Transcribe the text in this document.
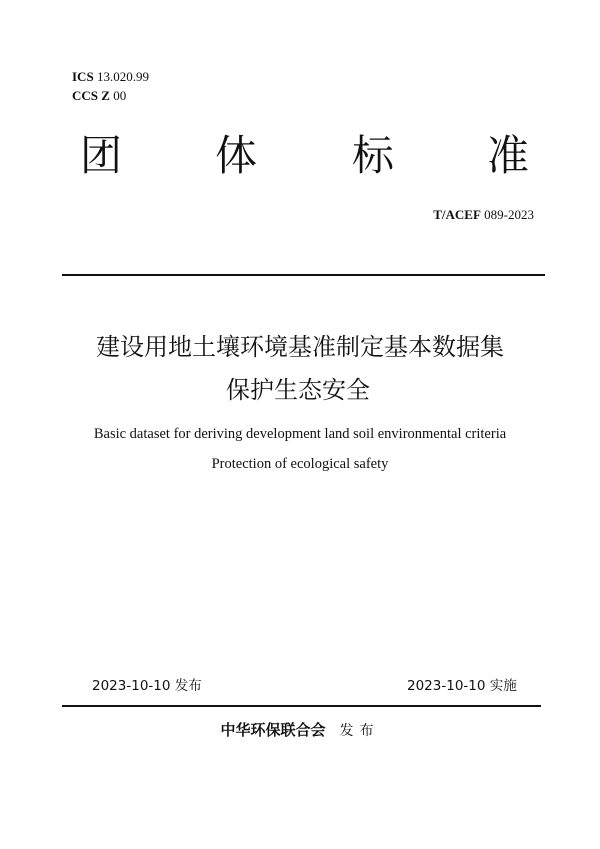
ICS 13.020.99
CCS Z 00
团 体 标 准
T/ACEF 089-2023
建设用地土壤环境基准制定基本数据集
保护生态安全
Basic dataset for deriving development land soil environmental criteria
Protection of ecological safety
2023-10-10 发布	2023-10-10 实施
中华环保联合会 发布
